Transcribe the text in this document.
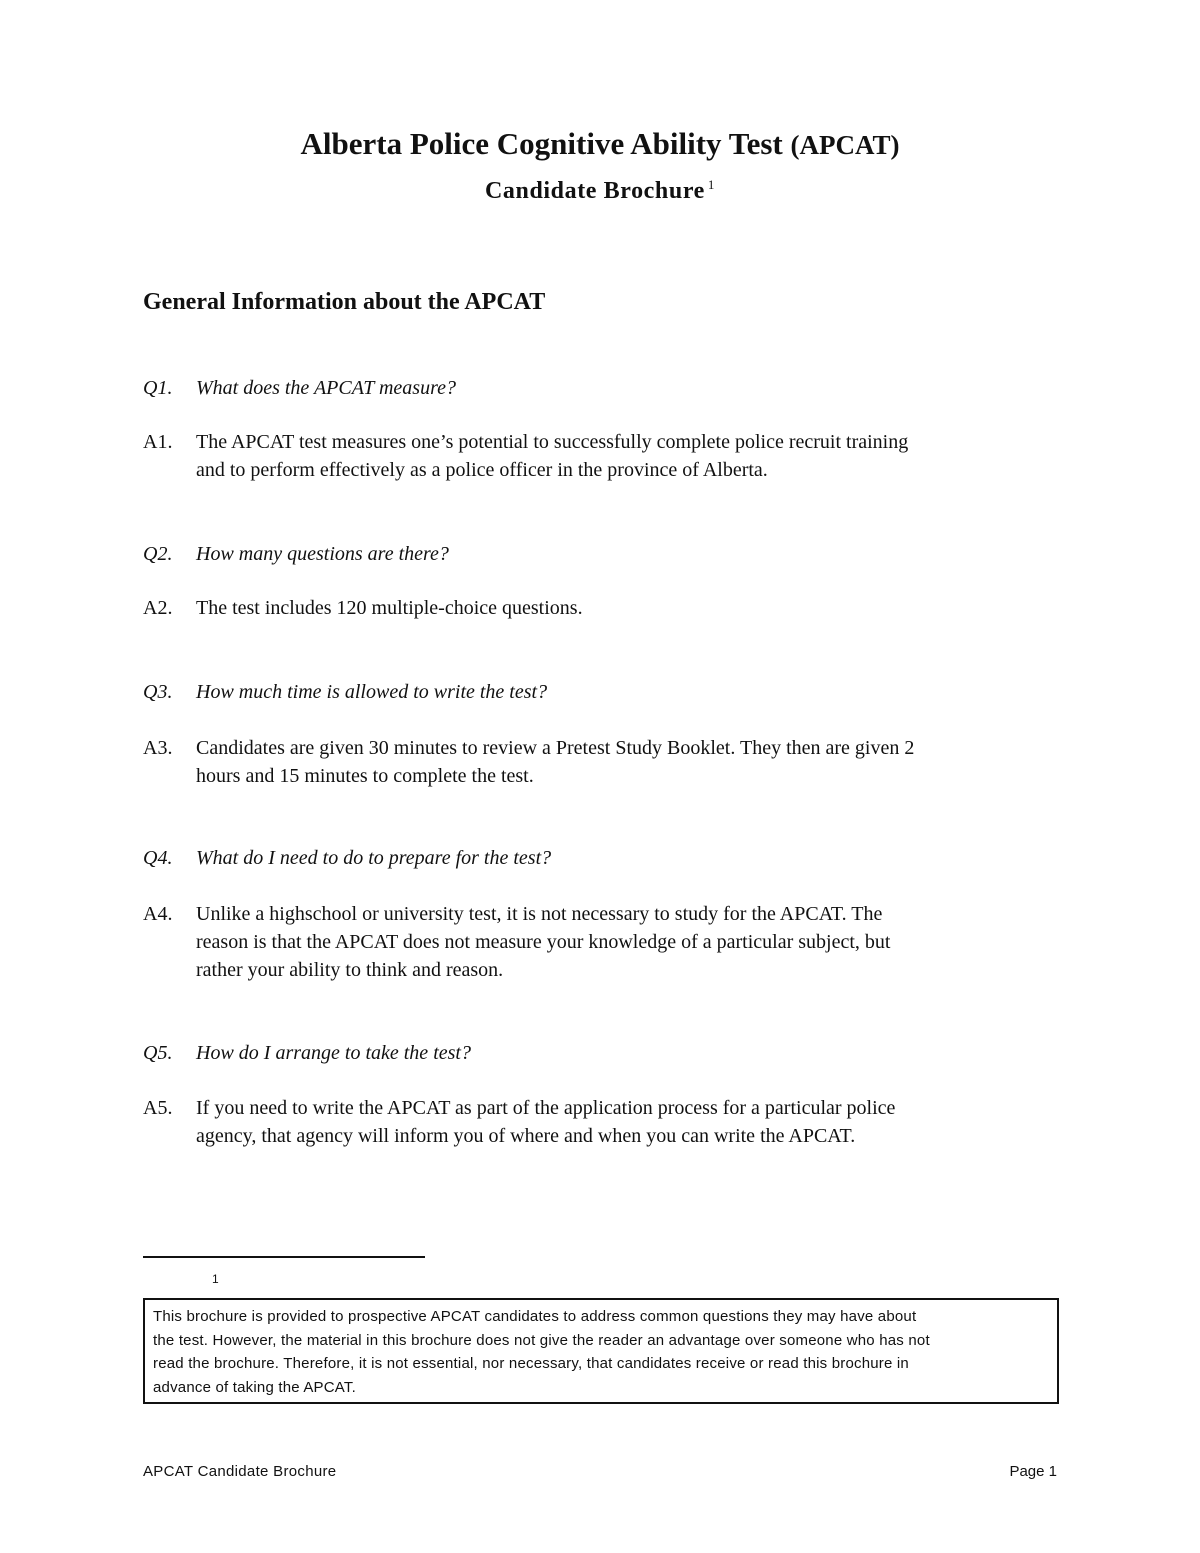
Alberta Police Cognitive Ability Test (APCAT)
Candidate Brochure $^1$
General Information about the APCAT
Q1. What does the APCAT measure?
A1. The APCAT test measures one’s potential to successfully complete police recruit training
and to perform effectively as a police officer in the province of Alberta.
Q2. How many questions are there?
A2. The test includes 120 multiple-choice questions.
Q3. How much time is allowed to write the test?
A3. Candidates are given 30 minutes to review a Pretest Study Booklet. They then are given 2
hours and 15 minutes to complete the test.
Q4. What do I need to do to prepare for the test?
A4. Unlike a highschool or university test, it is not necessary to study for the APCAT. The
reason is that the APCAT does not measure your knowledge of a particular subject, but
rather your ability to think and reason.
Q5. How do I arrange to take the test?
A5. If you need to write the APCAT as part of the application process for a particular police
agency, that agency will inform you of where and when you can write the APCAT.
1
This brochure is provided to prospective APCAT candidates to address common questions they may have about
the test. However, the material in this brochure does not give the reader an advantage over someone who has not
read the brochure. Therefore, it is not essential, nor necessary, that candidates receive or read this brochure in
advance of taking the APCAT.
APCAT Candidate Brochure	Page 1
